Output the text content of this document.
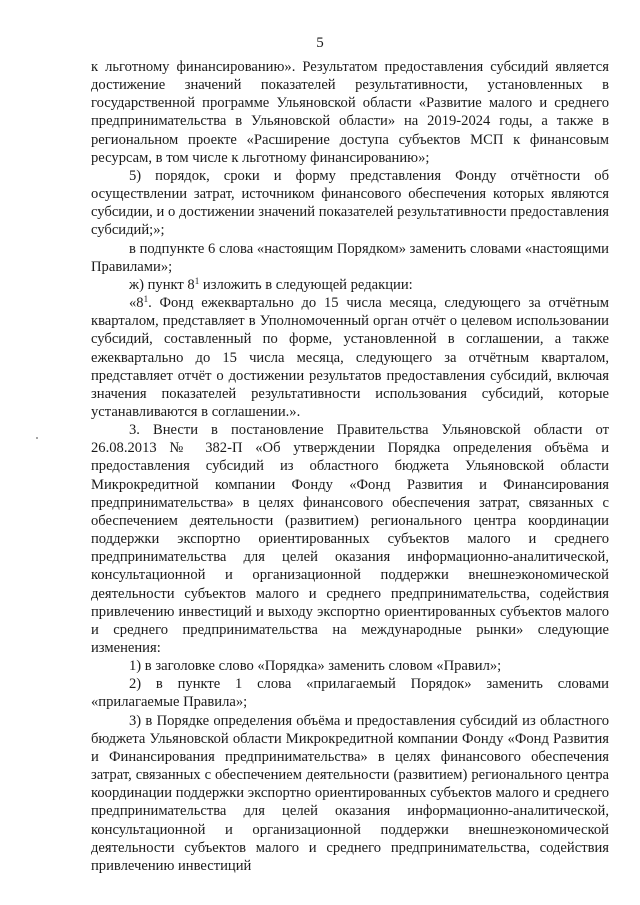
5

к льготному финансированию». Результатом предоставления субсидий является достижение значений показателей результативности, установленных в государственной программе Ульяновской области «Развитие малого и среднего предпринимательства в Ульяновской области» на 2019-2024 годы, а также в региональном проекте «Расширение доступа субъектов МСП к финансовым ресурсам, в том числе к льготному финансированию»;

5) порядок, сроки и форму представления Фонду отчётности об осуществлении затрат, источником финансового обеспечения которых являются субсидии, и о достижении значений показателей результативности предоставления субсидий;»;

в подпункте 6 слова «настоящим Порядком» заменить словами «настоящими Правилами»;

ж) пункт $8^1$ изложить в следующей редакции:

«$8^1$. Фонд ежеквартально до 15 числа месяца, следующего за отчётным кварталом, представляет в Уполномоченный орган отчёт о целевом использовании субсидий, составленный по форме, установленной в соглашении, а также ежеквартально до 15 числа месяца, следующего за отчётным кварталом, представляет отчёт о достижении результатов предоставления субсидий, включая значения показателей результативности использования субсидий, которые устанавливаются в соглашении.».

3. Внести в постановление Правительства Ульяновской области от 26.08.2013 № 382-П «Об утверждении Порядка определения объёма и предоставления субсидий из областного бюджета Ульяновской области Микрокредитной компании Фонду «Фонд Развития и Финансирования предпринимательства» в целях финансового обеспечения затрат, связанных с обеспечением деятельности (развитием) регионального центра координации поддержки экспортно ориентированных субъектов малого и среднего предпринимательства для целей оказания информационно-аналитической, консультационной и организационной поддержки внешнеэкономической деятельности субъектов малого и среднего предпринимательства, содействия привлечению инвестиций и выходу экспортно ориентированных субъектов малого и среднего предпринимательства на международные рынки» следующие изменения:

1) в заголовке слово «Порядка» заменить словом «Правил»;

2) в пункте 1 слова «прилагаемый Порядок» заменить словами «прилагаемые Правила»;

3) в Порядке определения объёма и предоставления субсидий из областного бюджета Ульяновской области Микрокредитной компании Фонду «Фонд Развития и Финансирования предпринимательства» в целях финансового обеспечения затрат, связанных с обеспечением деятельности (развитием) регионального центра координации поддержки экспортно ориентированных субъектов малого и среднего предпринимательства для целей оказания информационно-аналитической, консультационной и организационной поддержки внешнеэкономической деятельности субъектов малого и среднего предпринимательства, содействия привлечению инвестиций
